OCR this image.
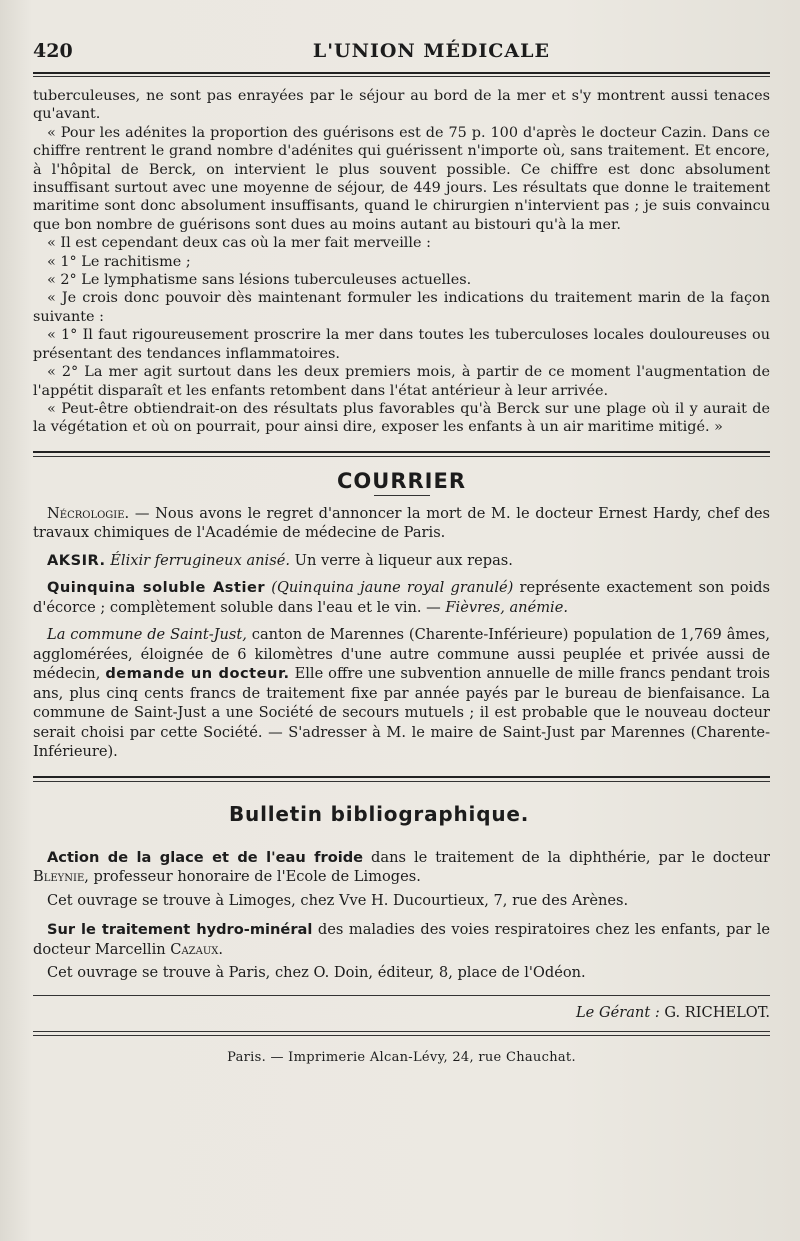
420	L'UNION MÉDICALE

tuberculeuses, ne sont pas enrayées par le séjour au bord de la mer et s'y montrent aussi tenaces qu'avant.

« Pour les adénites la proportion des guérisons est de 75 p. 100 d'après le docteur Cazin. Dans ce chiffre rentrent le grand nombre d'adénites qui guérissent n'importe où, sans traitement. Et encore, à l'hôpital de Berck, on intervient le plus souvent possible. Ce chiffre est donc absolument insuffisant surtout avec une moyenne de séjour, de 449 jours. Les résultats que donne le traitement maritime sont donc absolument insuffisants, quand le chirurgien n'intervient pas ; je suis convaincu que bon nombre de guérisons sont dues au moins autant au bistouri qu'à la mer.

« Il est cependant deux cas où la mer fait merveille :

« 1° Le rachitisme ;

« 2° Le lymphatisme sans lésions tuberculeuses actuelles.

« Je crois donc pouvoir dès maintenant formuler les indications du traitement marin de la façon suivante :

« 1° Il faut rigoureusement proscrire la mer dans toutes les tuberculoses locales douloureuses ou présentant des tendances inflammatoires.

« 2° La mer agit surtout dans les deux premiers mois, à partir de ce moment l'augmentation de l'appétit disparaît et les enfants retombent dans l'état antérieur à leur arrivée.

« Peut-être obtiendrait-on des résultats plus favorables qu'à Berck sur une plage où il y aurait de la végétation et où on pourrait, pour ainsi dire, exposer les enfants à un air maritime mitigé. »

COURRIER

Nécrologie. — Nous avons le regret d'annoncer la mort de M. le docteur Ernest Hardy, chef des travaux chimiques de l'Académie de médecine de Paris.

AKSIR. Élixir ferrugineux anisé. Un verre à liqueur aux repas.

Quinquina soluble Astier (Quinquina jaune royal granulé) représente exactement son poids d'écorce ; complètement soluble dans l'eau et le vin. — Fièvres, anémie.

La commune de Saint-Just, canton de Marennes (Charente-Inférieure) population de 1,769 âmes, agglomérées, éloignée de 6 kilomètres d'une autre commune aussi peuplée et privée aussi de médecin, demande un docteur. Elle offre une subvention annuelle de mille francs pendant trois ans, plus cinq cents francs de traitement fixe par année payés par le bureau de bienfaisance. La commune de Saint-Just a une Société de secours mutuels ; il est probable que le nouveau docteur serait choisi par cette Société. — S'adresser à M. le maire de Saint-Just par Marennes (Charente-Inférieure).

Bulletin bibliographique.

Action de la glace et de l'eau froide dans le traitement de la diphthérie, par le docteur Bleynie, professeur honoraire de l'Ecole de Limoges.

Cet ouvrage se trouve à Limoges, chez Vve H. Ducourtieux, 7, rue des Arènes.

Sur le traitement hydro-minéral des maladies des voies respiratoires chez les enfants, par le docteur Marcellin Cazaux.

Cet ouvrage se trouve à Paris, chez O. Doin, éditeur, 8, place de l'Odéon.

Le Gérant : G. RICHELOT.

Paris. — Imprimerie Alcan-Lévy, 24, rue Chauchat.
